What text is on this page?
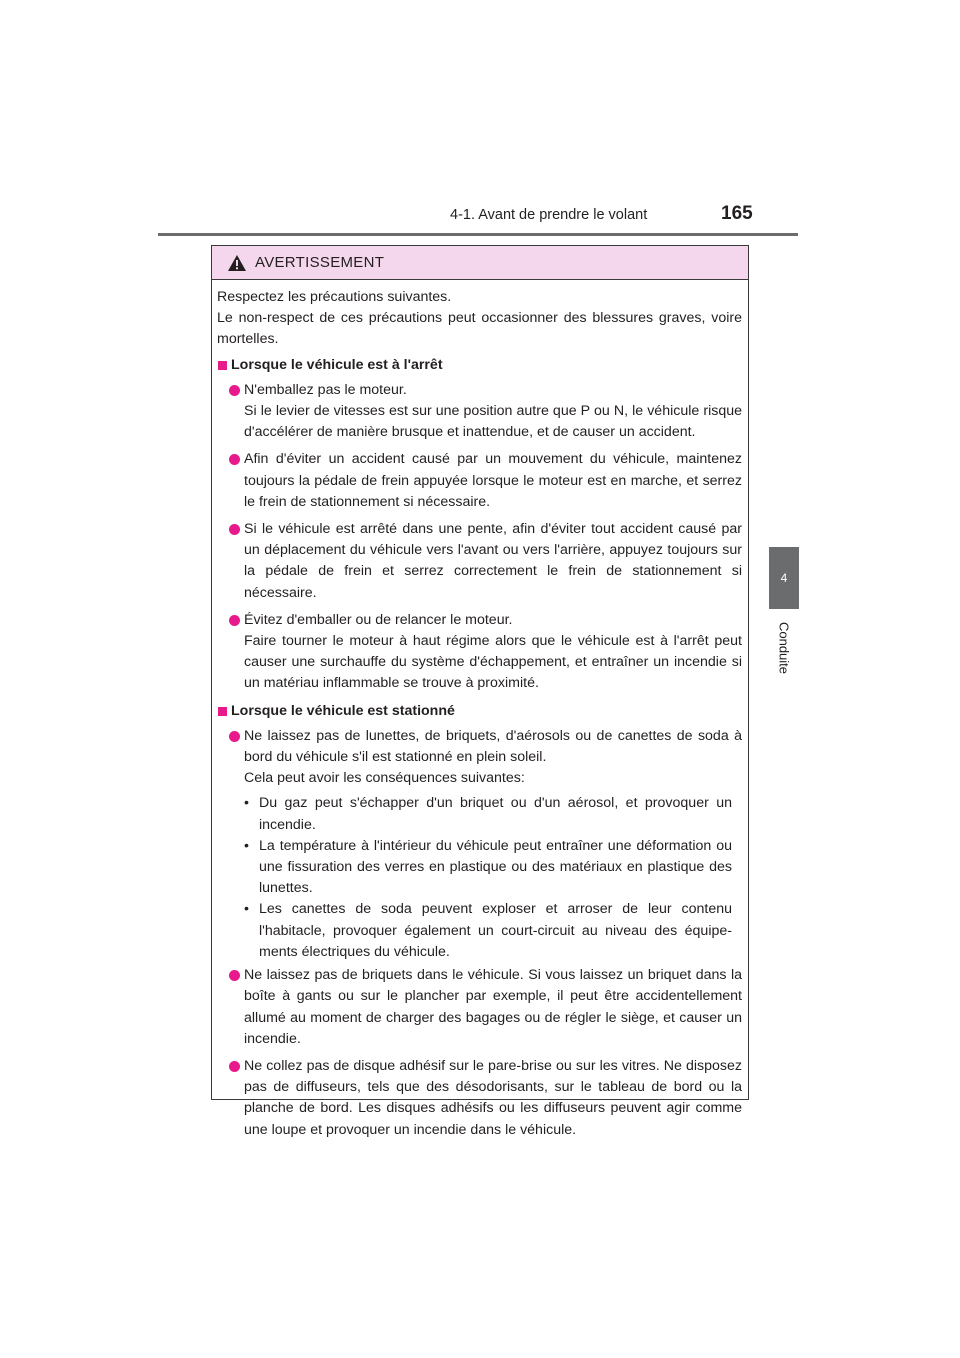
4-1. Avant de prendre le volant	165
4
Conduite
AVERTISSEMENT

Respectez les précautions suivantes.

Le non-respect de ces précautions peut occasionner des blessures graves, voire mortelles.

Lorsque le véhicule est à l'arrêt
N'emballez pas le moteur.
Si le levier de vitesses est sur une position autre que P ou N, le véhicule risque d'accélérer de manière brusque et inattendue, et de causer un accident.
Afin d'éviter un accident causé par un mouvement du véhicule, maintenez toujours la pédale de frein appuyée lorsque le moteur est en marche, et serrez le frein de stationnement si nécessaire.
Si le véhicule est arrêté dans une pente, afin d'éviter tout accident causé par un déplacement du véhicule vers l'avant ou vers l'arrière, appuyez toujours sur la pédale de frein et serrez correctement le frein de stationnement si nécessaire.
Évitez d'emballer ou de relancer le moteur.
Faire tourner le moteur à haut régime alors que le véhicule est à l'arrêt peut causer une surchauffe du système d'échappement, et entraîner un incendie si un matériau inflammable se trouve à proximité.
Lorsque le véhicule est stationné
Ne laissez pas de lunettes, de briquets, d'aérosols ou de canettes de soda à bord du véhicule s'il est stationné en plein soleil.
Cela peut avoir les conséquences suivantes:
• Du gaz peut s'échapper d'un briquet ou d'un aérosol, et provoquer un incendie.
• La température à l'intérieur du véhicule peut entraîner une déformation ou une fissuration des verres en plastique ou des matériaux en plastique des lunettes.
• Les canettes de soda peuvent exploser et arroser de leur contenu l'habitacle, provoquer également un court-circuit au niveau des équipements électriques du véhicule.
Ne laissez pas de briquets dans le véhicule. Si vous laissez un briquet dans la boîte à gants ou sur le plancher par exemple, il peut être accidentellement allumé au moment de charger des bagages ou de régler le siège, et causer un incendie.
Ne collez pas de disque adhésif sur le pare-brise ou sur les vitres. Ne disposez pas de diffuseurs, tels que des désodorisants, sur le tableau de bord ou la planche de bord. Les disques adhésifs ou les diffuseurs peuvent agir comme une loupe et provoquer un incendie dans le véhicule.
